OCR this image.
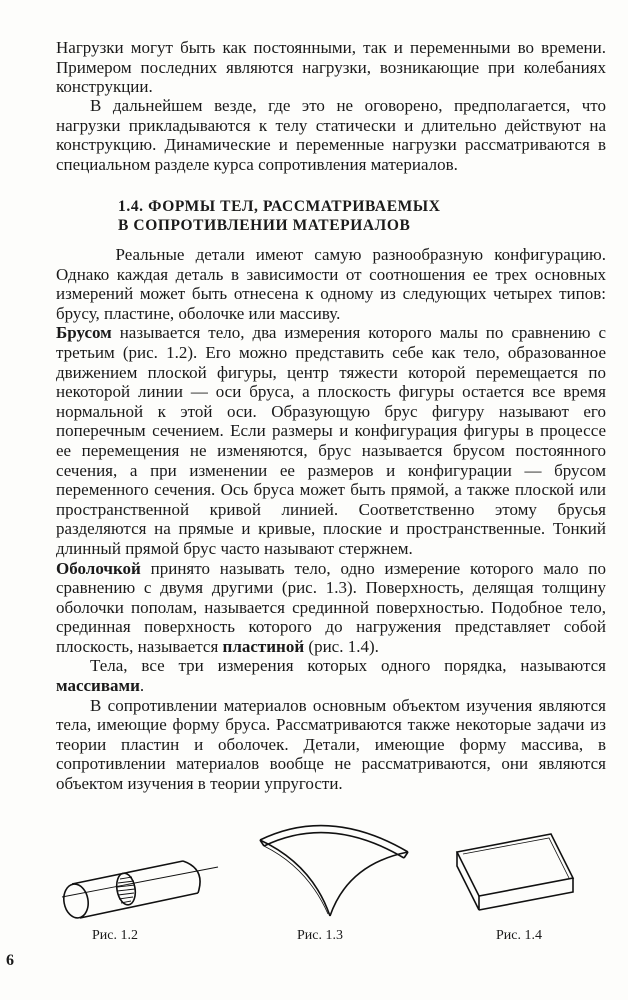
Нагрузки могут быть как постоянными, так и переменными во времени. Примером последних являются нагрузки, возникающие при колебаниях конструкции.

В дальнейшем везде, где это не оговорено, предполагается, что нагрузки прикладываются к телу статически и длительно действуют на конструкцию. Динамические и переменные нагрузки рассматриваются в специальном разделе курса сопротивления материалов.

1.4. ФОРМЫ ТЕЛ, РАССМАТРИВАЕМЫХ
В СОПРОТИВЛЕНИИ МАТЕРИАЛОВ

Реальные детали имеют самую разнообразную конфигурацию. Однако каждая деталь в зависимости от соотношения ее трех основных измерений может быть отнесена к одному из следующих четырех типов: брусу, пластине, оболочке или массиву.

Брусом называется тело, два измерения которого малы по сравнению с третьим (рис. 1.2). Его можно представить себе как тело, образованное движением плоской фигуры, центр тяжести которой перемещается по некоторой линии — оси бруса, а плоскость фигуры остается все время нормальной к этой оси. Образующую брус фигуру называют его поперечным сечением. Если размеры и конфигурация фигуры в процессе ее перемещения не изменяются, брус называется брусом постоянного сечения, а при изменении ее размеров и конфигурации — брусом переменного сечения. Ось бруса может быть прямой, а также плоской или пространственной кривой линией. Соответственно этому брусья разделяются на прямые и кривые, плоские и пространственные. Тонкий длинный прямой брус часто называют стержнем.

Оболочкой принято называть тело, одно измерение которого мало по сравнению с двумя другими (рис. 1.3). Поверхность, делящая толщину оболочки пополам, называется срединной поверхностью. Подобное тело, срединная поверхность которого до нагружения представляет собой плоскость, называется пластиной (рис. 1.4).

Тела, все три измерения которых одного порядка, называются массивами.

В сопротивлении материалов основным объектом изучения являются тела, имеющие форму бруса. Рассматриваются также некоторые задачи из теории пластин и оболочек. Детали, имеющие форму массива, в сопротивлении материалов вообще не рассматриваются, они являются объектом изучения в теории упругости.

Рис. 1.2	Рис. 1.3	Рис. 1.4
6
